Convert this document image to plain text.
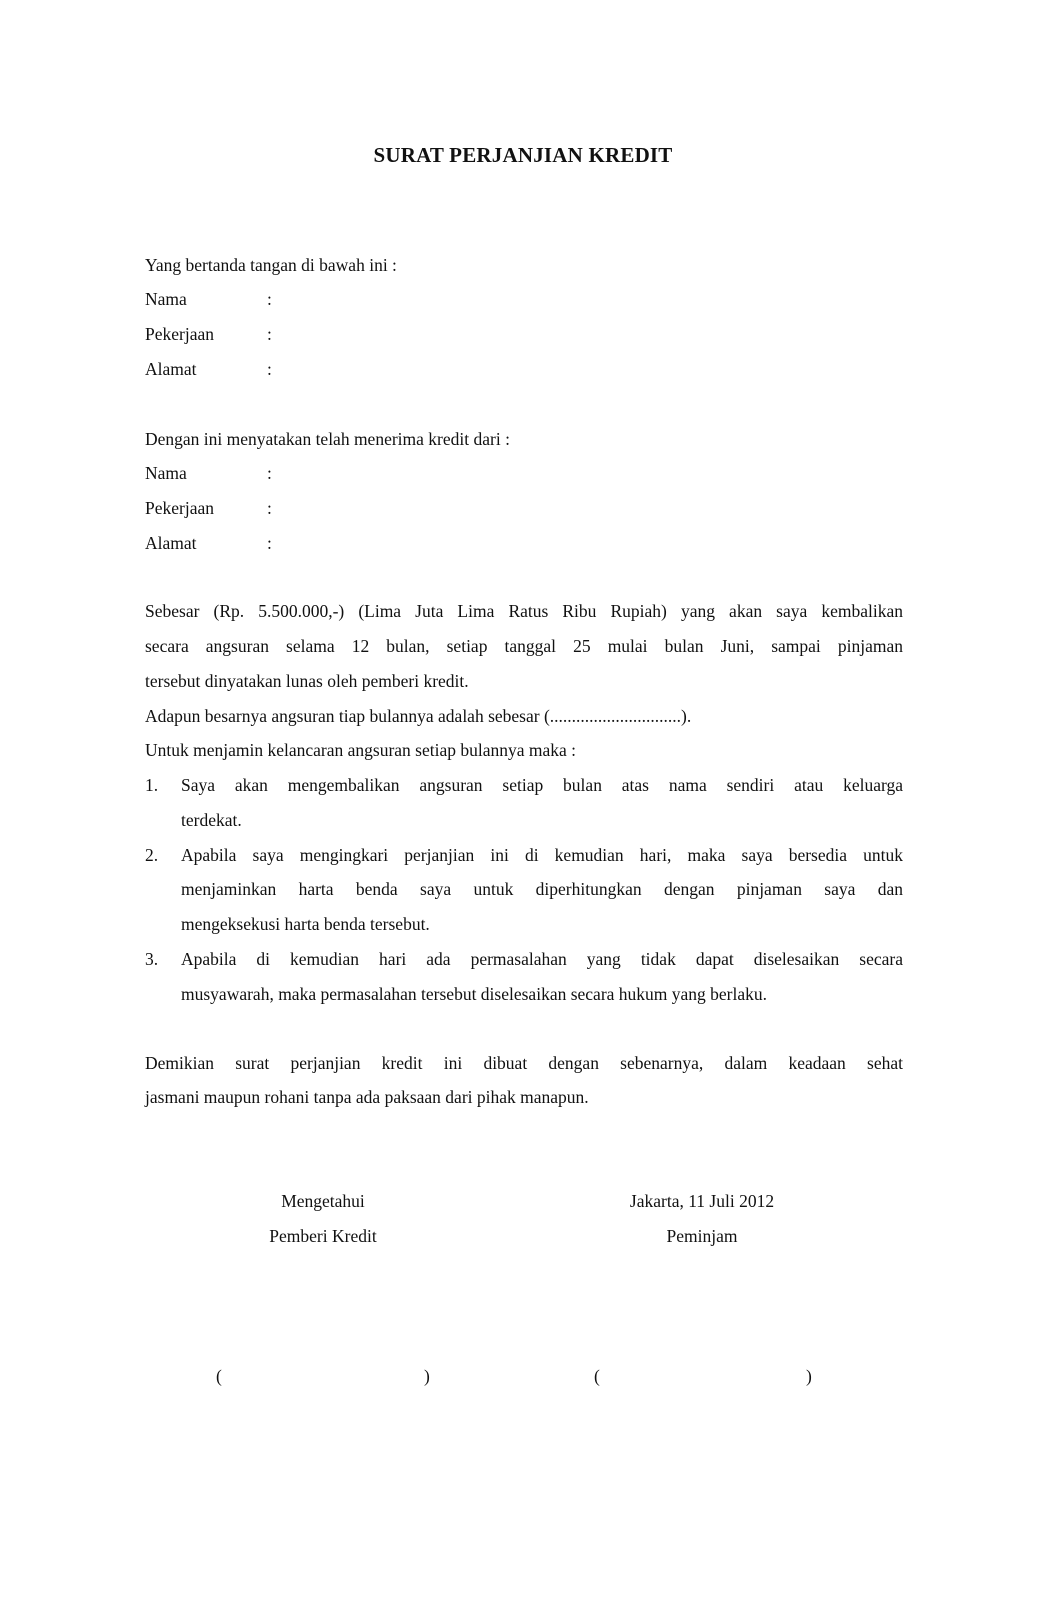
SURAT PERJANJIAN KREDIT
Yang bertanda tangan di bawah ini :
Nama	:
Pekerjaan	:
Alamat	:
Dengan ini menyatakan telah menerima kredit dari :
Nama	:
Pekerjaan	:
Alamat	:
Sebesar (Rp. 5.500.000,-) (Lima Juta Lima Ratus Ribu Rupiah) yang akan saya kembalikan
secara angsuran selama 12 bulan, setiap tanggal 25 mulai bulan Juni, sampai pinjaman
tersebut dinyatakan lunas oleh pemberi kredit.
Adapun besarnya angsuran tiap bulannya adalah sebesar (..............................).
Untuk menjamin kelancaran angsuran setiap bulannya maka :
1. Saya akan mengembalikan angsuran setiap bulan atas nama sendiri atau keluarga
terdekat.
2. Apabila saya mengingkari perjanjian ini di kemudian hari, maka saya bersedia untuk
menjaminkan harta benda saya untuk diperhitungkan dengan pinjaman saya dan
mengeksekusi harta benda tersebut.
3. Apabila di kemudian hari ada permasalahan yang tidak dapat diselesaikan secara
musyawarah, maka permasalahan tersebut diselesaikan secara hukum yang berlaku.
Demikian surat perjanjian kredit ini dibuat dengan sebenarnya, dalam keadaan sehat
jasmani maupun rohani tanpa ada paksaan dari pihak manapun.
Mengetahui
Pemberi Kredit
Jakarta, 11 Juli 2012
Peminjam
(	)	(	)
